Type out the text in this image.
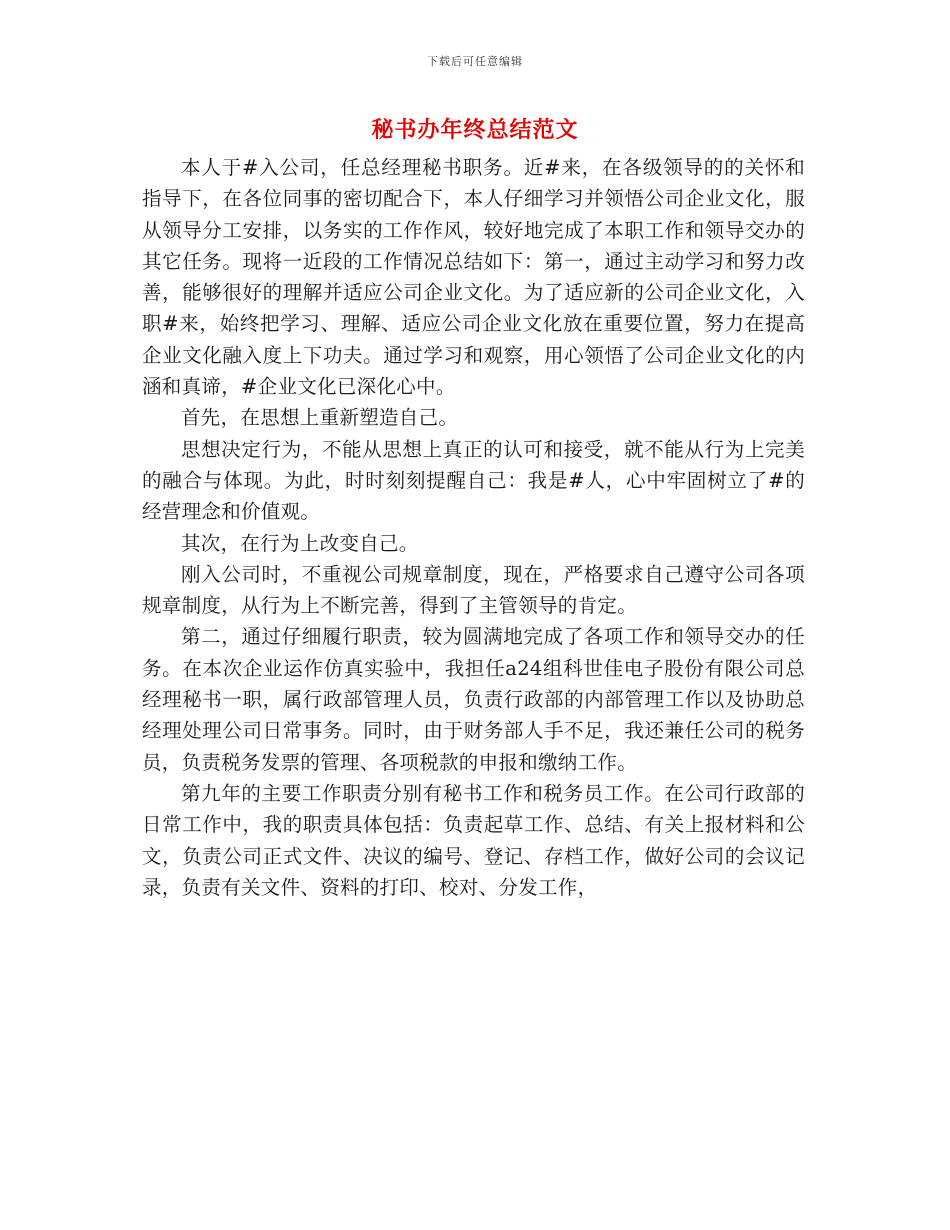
下载后可任意编辑
秘书办年终总结范文

本人于#入公司，任总经理秘书职务。近#来，在各级领导的的关怀和指导下，在各位同事的密切配合下，本人仔细学习并领悟公司企业文化，服从领导分工安排，以务实的工作作风，较好地完成了本职工作和领导交办的其它任务。现将一近段的工作情况总结如下：第一，通过主动学习和努力改善，能够很好的理解并适应公司企业文化。为了适应新的公司企业文化，入职#来，始终把学习、理解、适应公司企业文化放在重要位置，努力在提高企业文化融入度上下功夫。通过学习和观察，用心领悟了公司企业文化的内涵和真谛，#企业文化已深化心中。

首先，在思想上重新塑造自己。

思想决定行为，不能从思想上真正的认可和接受，就不能从行为上完美的融合与体现。为此，时时刻刻提醒自己：我是#人，心中牢固树立了#的经营理念和价值观。

其次，在行为上改变自己。

刚入公司时，不重视公司规章制度，现在，严格要求自己遵守公司各项规章制度，从行为上不断完善，得到了主管领导的肯定。

第二，通过仔细履行职责，较为圆满地完成了各项工作和领导交办的任务。在本次企业运作仿真实验中，我担任a24组科世佳电子股份有限公司总经理秘书一职，属行政部管理人员，负责行政部的内部管理工作以及协助总经理处理公司日常事务。同时，由于财务部人手不足，我还兼任公司的税务员，负责税务发票的管理、各项税款的申报和缴纳工作。

第九年的主要工作职责分别有秘书工作和税务员工作。在公司行政部的日常工作中，我的职责具体包括：负责起草工作、总结、有关上报材料和公文，负责公司正式文件、决议的编号、登记、存档工作，做好公司的会议记录，负责有关文件、资料的打印、校对、分发工作，
